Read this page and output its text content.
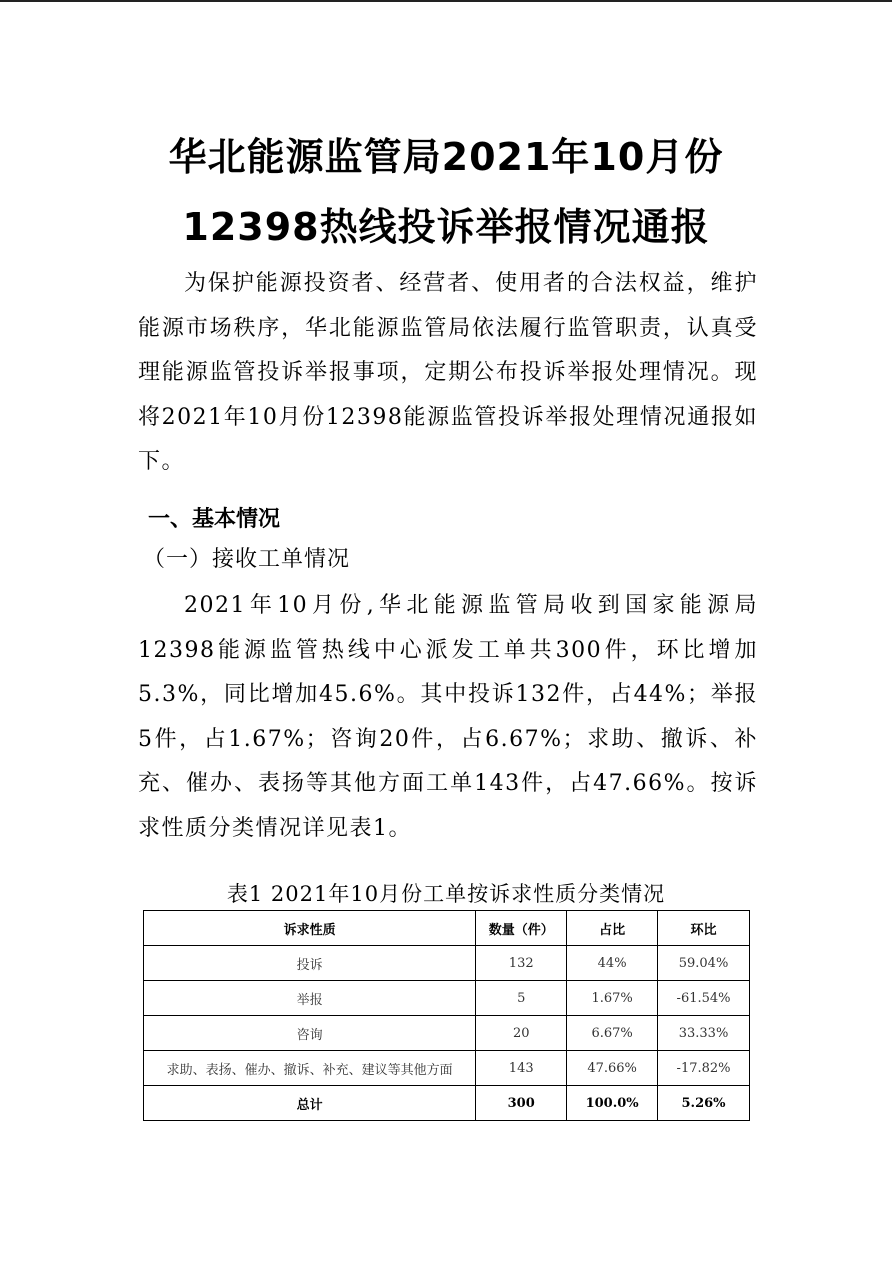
华北能源监管局2021年10月份
12398热线投诉举报情况通报
为保护能源投资者、经营者、使用者的合法权益，维护能源市场秩序，华北能源监管局依法履行监管职责，认真受理能源监管投诉举报事项，定期公布投诉举报处理情况。现将2021年10月份12398能源监管投诉举报处理情况通报如下。
一、基本情况
（一）接收工单情况
2021年10月份,华北能源监管局收到国家能源局12398能源监管热线中心派发工单共300件，环比增加5.3%，同比增加45.6%。其中投诉132件，占44%；举报5件，占1.67%；咨询20件，占6.67%；求助、撤诉、补充、催办、表扬等其他方面工单143件，占47.66%。按诉求性质分类情况详见表1。
表1 2021年10月份工单按诉求性质分类情况
诉求性质	数量（件）	占比	环比
投诉	132	44%	59.04%
举报	5	1.67%	-61.54%
咨询	20	6.67%	33.33%
求助、表扬、催办、撤诉、补充、建议等其他方面	143	47.66%	-17.82%
总计	300	100.0%	5.26%
